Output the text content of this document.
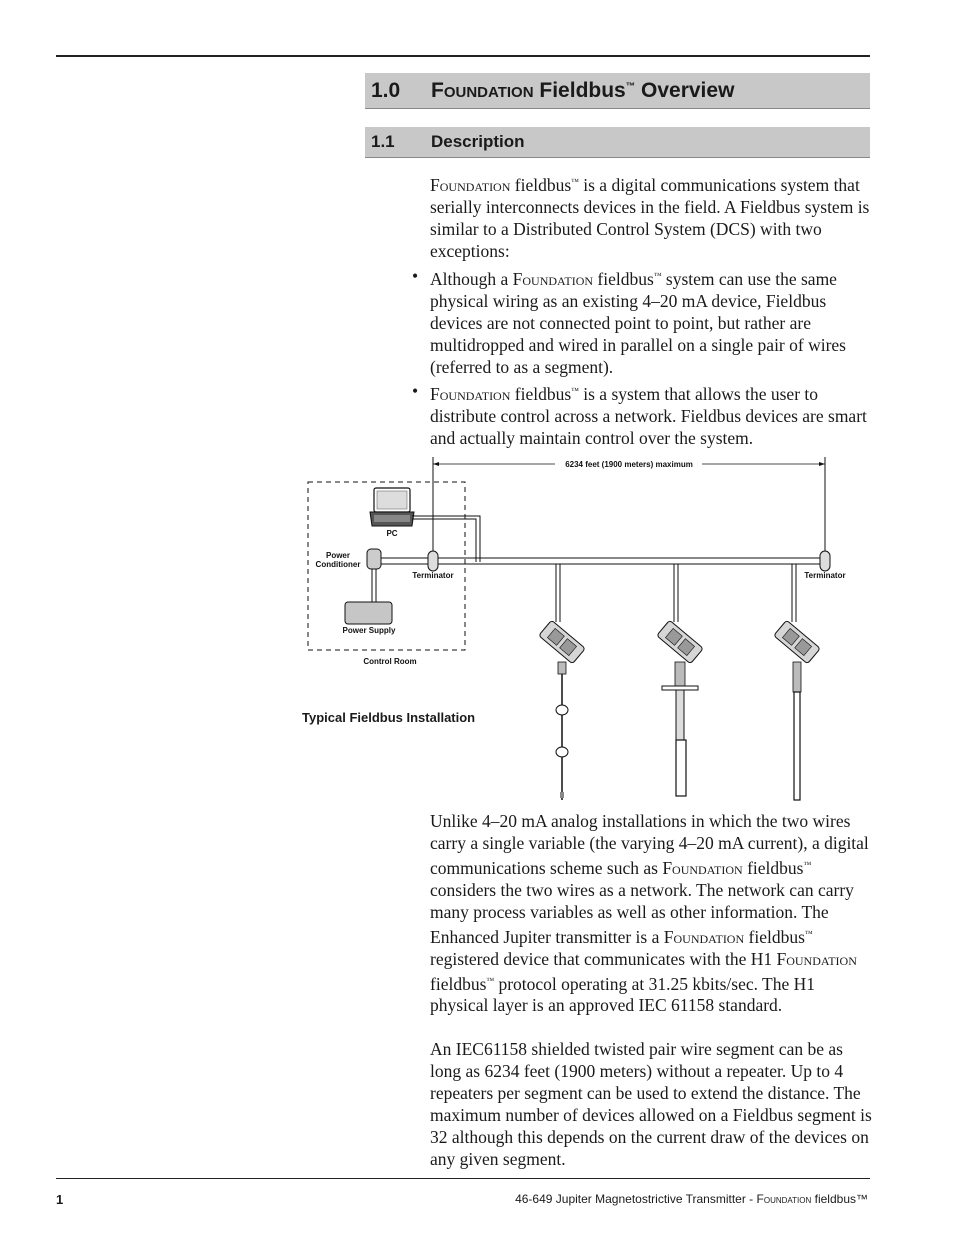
1.0 Foundation Fieldbus™ Overview
1.1 Description

Foundation fieldbus™ is a digital communications system that serially interconnects devices in the field. A Fieldbus system is similar to a Distributed Control System (DCS) with two exceptions:

• Although a Foundation fieldbus™ system can use the same physical wiring as an existing 4–20 mA device, Fieldbus devices are not connected point to point, but rather are multidropped and wired in parallel on a single pair of wires (referred to as a segment).

• Foundation fieldbus™ is a system that allows the user to distribute control across a network. Fieldbus devices are smart and actually maintain control over the system.

6234 feet (1900 meters) maximum
Control Room
PC
Power
Conditioner
Power Supply
Terminator	Terminator
Typical Fieldbus Installation

Unlike 4–20 mA analog installations in which the two wires carry a single variable (the varying 4–20 mA current), a digital communications scheme such as Foundation fieldbus™ considers the two wires as a network. The network can carry many process variables as well as other information. The Enhanced Jupiter transmitter is a Foundation fieldbus™ registered device that communicates with the H1 Foundation fieldbus™ protocol operating at 31.25 kbits/sec. The H1 physical layer is an approved IEC 61158 standard.

An IEC61158 shielded twisted pair wire segment can be as long as 6234 feet (1900 meters) without a repeater. Up to 4 repeaters per segment can be used to extend the distance. The maximum number of devices allowed on a Fieldbus segment is 32 although this depends on the current draw of the devices on any given segment.

1	46-649 Jupiter Magnetostrictive Transmitter - Foundation fieldbus™
